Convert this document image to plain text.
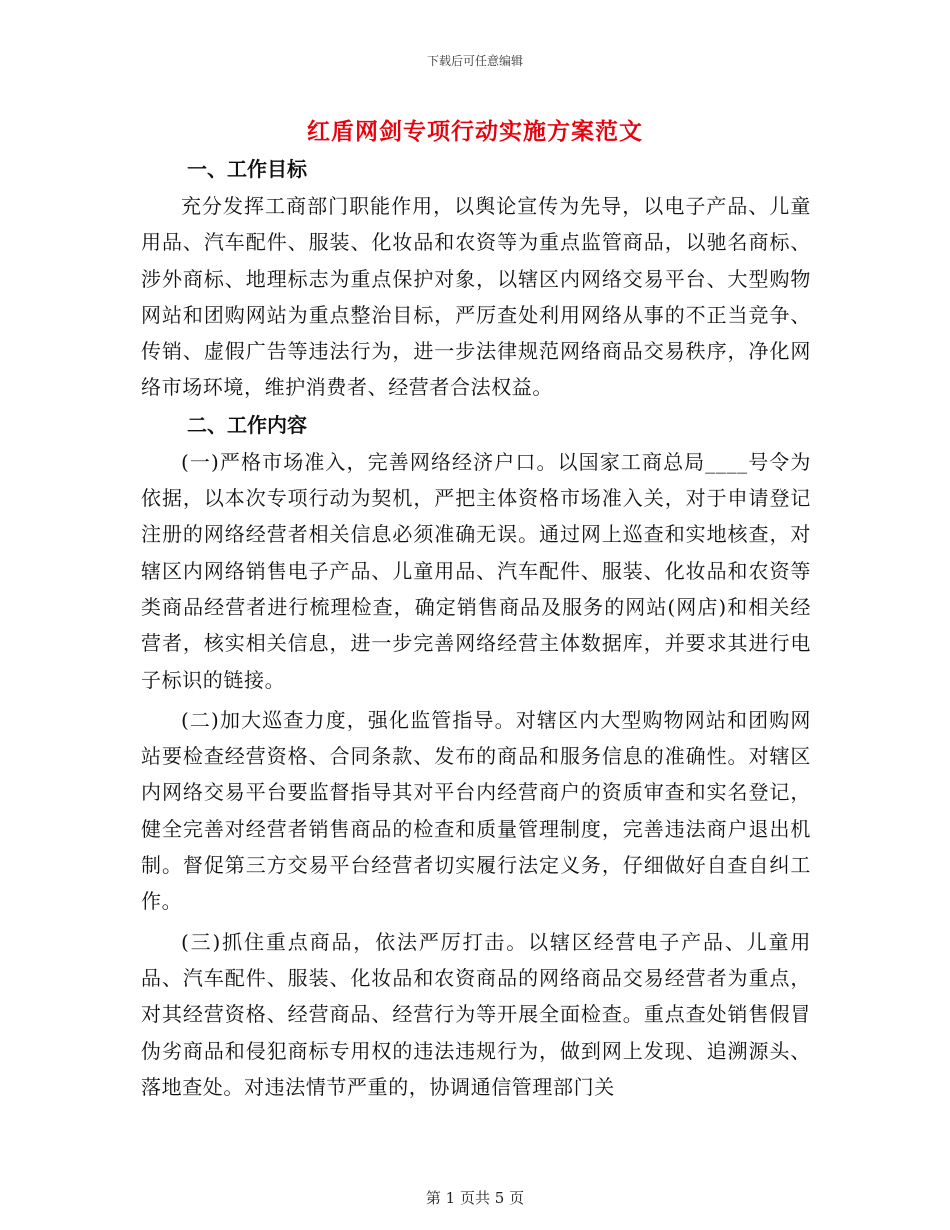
下载后可任意编辑
红盾网剑专项行动实施方案范文
一、工作目标

充分发挥工商部门职能作用，以舆论宣传为先导，以电子产品、儿童用品、汽车配件、服装、化妆品和农资等为重点监管商品，以驰名商标、涉外商标、地理标志为重点保护对象，以辖区内网络交易平台、大型购物网站和团购网站为重点整治目标，严厉查处利用网络从事的不正当竞争、传销、虚假广告等违法行为，进一步法律规范网络商品交易秩序，净化网络市场环境，维护消费者、经营者合法权益。

二、工作内容

(一)严格市场准入，完善网络经济户口。以国家工商总局____号令为依据，以本次专项行动为契机，严把主体资格市场准入关，对于申请登记注册的网络经营者相关信息必须准确无误。通过网上巡查和实地核查，对辖区内网络销售电子产品、儿童用品、汽车配件、服装、化妆品和农资等类商品经营者进行梳理检查，确定销售商品及服务的网站(网店)和相关经营者，核实相关信息，进一步完善网络经营主体数据库，并要求其进行电子标识的链接。

(二)加大巡查力度，强化监管指导。对辖区内大型购物网站和团购网站要检查经营资格、合同条款、发布的商品和服务信息的准确性。对辖区内网络交易平台要监督指导其对平台内经营商户的资质审查和实名登记，健全完善对经营者销售商品的检查和质量管理制度，完善违法商户退出机制。督促第三方交易平台经营者切实履行法定义务，仔细做好自查自纠工作。

(三)抓住重点商品，依法严厉打击。以辖区经营电子产品、儿童用品、汽车配件、服装、化妆品和农资商品的网络商品交易经营者为重点，对其经营资格、经营商品、经营行为等开展全面检查。重点查处销售假冒伪劣商品和侵犯商标专用权的违法违规行为，做到网上发现、追溯源头、落地查处。对违法情节严重的，协调通信管理部门关

第 1 页共 5 页
